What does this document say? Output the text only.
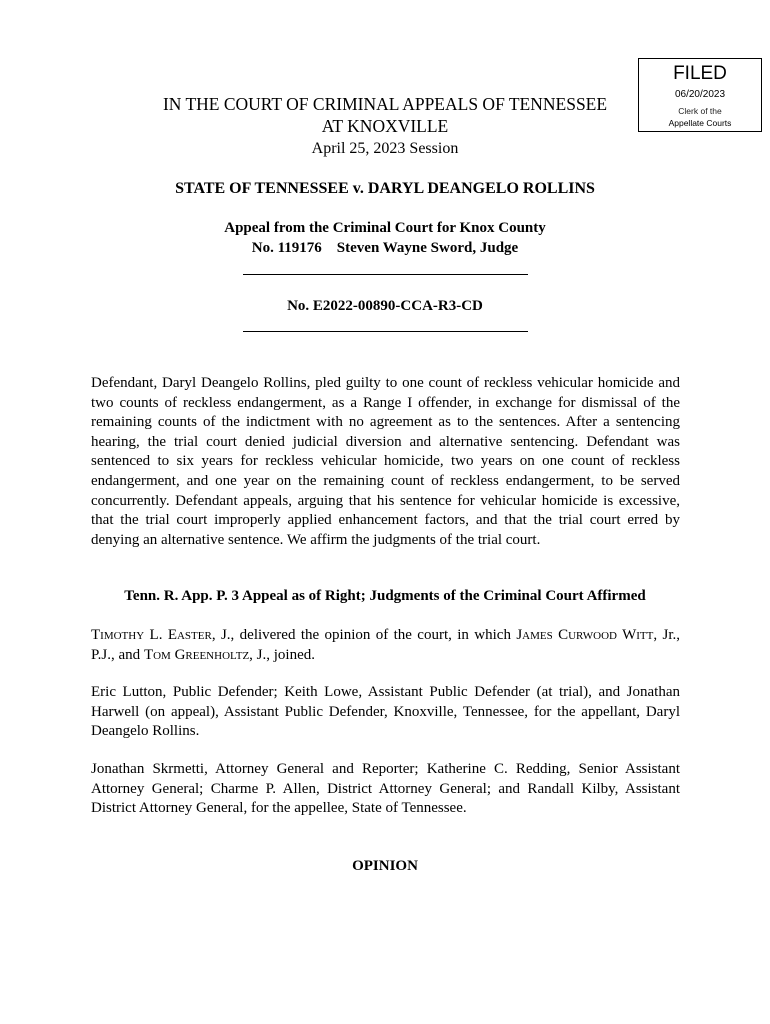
FILED
06/20/2023
Clerk of the
Appellate Courts
IN THE COURT OF CRIMINAL APPEALS OF TENNESSEE
AT KNOXVILLE
April 25, 2023 Session
STATE OF TENNESSEE v. DARYL DEANGELO ROLLINS
Appeal from the Criminal Court for Knox County
No. 119176    Steven Wayne Sword, Judge
No. E2022-00890-CCA-R3-CD
Defendant, Daryl Deangelo Rollins, pled guilty to one count of reckless vehicular homicide and two counts of reckless endangerment, as a Range I offender, in exchange for dismissal of the remaining counts of the indictment with no agreement as to the sentences. After a sentencing hearing, the trial court denied judicial diversion and alternative sentencing. Defendant was sentenced to six years for reckless vehicular homicide, two years on one count of reckless endangerment, and one year on the remaining count of reckless endangerment, to be served concurrently. Defendant appeals, arguing that his sentence for vehicular homicide is excessive, that the trial court improperly applied enhancement factors, and that the trial court erred by denying an alternative sentence. We affirm the judgments of the trial court.
Tenn. R. App. P. 3 Appeal as of Right; Judgments of the Criminal Court Affirmed
Timothy L. Easter, J., delivered the opinion of the court, in which James Curwood Witt, Jr., P.J., and Tom Greenholtz, J., joined.
Eric Lutton, Public Defender; Keith Lowe, Assistant Public Defender (at trial), and Jonathan Harwell (on appeal), Assistant Public Defender, Knoxville, Tennessee, for the appellant, Daryl Deangelo Rollins.
Jonathan Skrmetti, Attorney General and Reporter; Katherine C. Redding, Senior Assistant Attorney General; Charme P. Allen, District Attorney General; and Randall Kilby, Assistant District Attorney General, for the appellee, State of Tennessee.
OPINION
